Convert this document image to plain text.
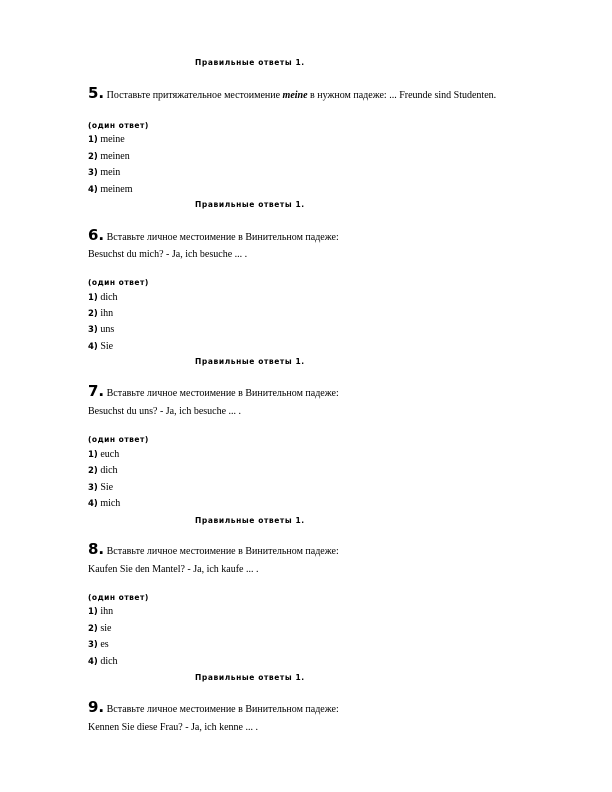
Правильные ответы 1.
5. Поставьте притяжательное местоимение meine в нужном падеже: ... Freunde sind Studenten.
(один ответ)
1) meine
2) meinen
3) mein
4) meinem
Правильные ответы 1.
6. Вставьте личное местоимение в Винительном падеже:
Besuchst du mich? - Ja, ich besuche ... .
(один ответ)
1) dich
2) ihn
3) uns
4) Sie
Правильные ответы 1.
7. Вставьте личное местоимение в Винительном падеже:
Besuchst du uns? - Ja, ich besuche ... .
(один ответ)
1) euch
2) dich
3) Sie
4) mich
Правильные ответы 1.
8. Вставьте личное местоимение в Винительном падеже:
Kaufen Sie den Mantel? - Ja, ich kaufe ... .
(один ответ)
1) ihn
2) sie
3) es
4) dich
Правильные ответы 1.
9. Вставьте личное местоимение в Винительном падеже:
Kennen Sie diese Frau? - Ja, ich kenne ... .
